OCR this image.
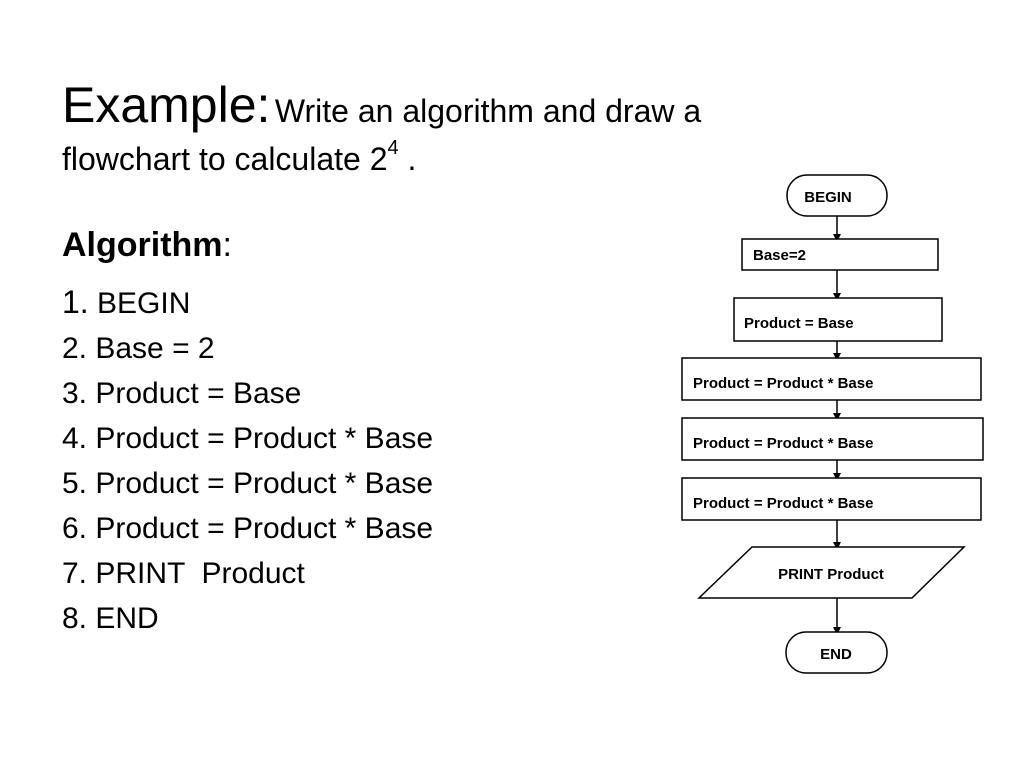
Example: Write an algorithm and draw a
flowchart to calculate $2^4$ .
Algorithm:
1. BEGIN
2. Base = 2
3. Product = Base
4. Product = Product * Base
5. Product = Product * Base
6. Product = Product * Base
7. PRINT  Product
8. END
BEGIN
Base=2
Product = Base
Product = Product * Base
Product = Product * Base
Product = Product * Base
PRINT Product
END
